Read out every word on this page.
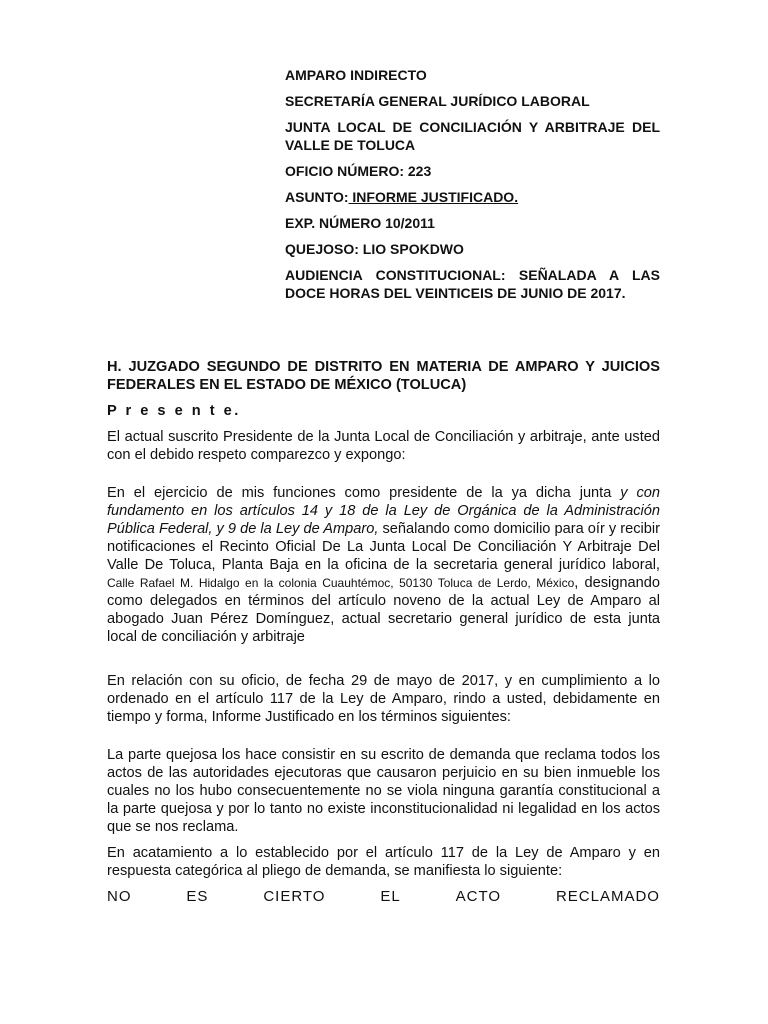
AMPARO INDIRECTO

SECRETARÍA GENERAL JURÍDICO LABORAL

JUNTA LOCAL DE CONCILIACIÓN Y ARBITRAJE DEL VALLE DE TOLUCA

OFICIO NÚMERO: 223

ASUNTO: INFORME JUSTIFICADO.

EXP. NÚMERO 10/2011

QUEJOSO: LIO SPOKDWO

AUDIENCIA CONSTITUCIONAL: SEÑALADA A LAS DOCE HORAS DEL VEINTICEIS DE JUNIO DE 2017.

H. JUZGADO SEGUNDO DE DISTRITO EN MATERIA DE AMPARO Y JUICIOS FEDERALES EN EL ESTADO DE MÉXICO (TOLUCA)

P r e s e n t e.

El actual suscrito Presidente de la Junta Local de Conciliación y arbitraje, ante usted con el debido respeto comparezco y expongo:

En el ejercicio de mis funciones como presidente de la ya dicha junta y con fundamento en los artículos 14 y 18 de la Ley de Orgánica de la Administración Pública Federal, y 9 de la Ley de Amparo, señalando como domicilio para oír y recibir notificaciones el Recinto Oficial De La Junta Local De Conciliación Y Arbitraje Del Valle De Toluca, Planta Baja en la oficina de la secretaria general jurídico laboral, Calle Rafael M. Hidalgo en la colonia Cuauhtémoc, 50130 Toluca de Lerdo, México, designando como delegados en términos del artículo noveno de la actual Ley de Amparo al abogado Juan Pérez Domínguez, actual secretario general jurídico de esta junta local de conciliación y arbitraje

En relación con su oficio, de fecha 29 de mayo de 2017, y en cumplimiento a lo ordenado en el artículo 117 de la Ley de Amparo, rindo a usted, debidamente en tiempo y forma, Informe Justificado en los términos siguientes:

La parte quejosa los hace consistir en su escrito de demanda que reclama todos los actos de las autoridades ejecutoras que causaron perjuicio en su bien inmueble los cuales no los hubo consecuentemente no se viola ninguna garantía constitucional a la parte quejosa y por lo tanto no existe inconstitucionalidad ni legalidad en los actos que se nos reclama.

En acatamiento a lo establecido por el artículo 117 de la Ley de Amparo y en respuesta categórica al pliego de demanda, se manifiesta lo siguiente:

NO	ES	CIERTO	EL	ACTO	RECLAMADO
